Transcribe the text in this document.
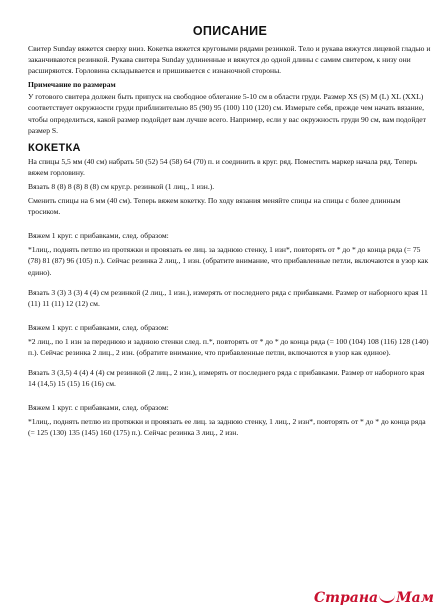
ОПИСАНИЕ

Свитер Sunday вяжется сверху вниз. Кокетка вяжется круговыми рядами резинкой. Тело и рукава вяжутся лицевой гладью и заканчиваются резинкой. Рукава свитера Sunday удлиненные и вяжутся до одной длины с самим свитером, к низу они расширяются. Горловина складывается и пришивается с изнаночной стороны.

Примечание по размерам

У готового свитера должен быть припуск на свободное облегание 5-10 см в области груди. Размер XS (S) M (L) XL (XXL) соответствует окружности груди приблизительно 85 (90) 95 (100) 110 (120) см. Измерьте себя, прежде чем начать вязание, чтобы определиться, какой размер подойдет вам лучше всего. Например, если у вас окружность груди 90 см, вам подойдет размер S.

КОКЕТКА

На спицы 5,5 мм (40 см) набрать 50 (52) 54 (58) 64 (70) п. и соединить в круг. ряд. Поместить маркер начала ряд. Теперь вяжем горловину.

Вязать 8 (8) 8 (8) 8 (8) см круг.р. резинкой (1 лиц., 1 изн.).

Сменить спицы на 6 мм (40 см). Теперь вяжем кокетку. По ходу вязания меняйте спицы на спицы с более длинным тросиком.

Вяжем 1 круг. с прибавками, след. образом:

*1лиц., поднять петлю из протяжки и провязать ее лиц. за заднюю стенку, 1 изн*, повторять от * до * до конца ряда (= 75 (78) 81 (87) 96 (105) п.). Сейчас резинка 2 лиц., 1 изн. (обратите внимание, что прибавленные петли, включаются в узор как едино).

Вязать 3 (3) 3 (3) 4 (4) см резинкой (2 лиц., 1 изн.), измерять от последнего ряда с прибавками. Размер от наборного края 11 (11) 11 (11) 12 (12) см.

Вяжем 1 круг. с прибавками, след. образом:

*2 лиц., по 1 изн за переднюю и заднюю стенки след. п.*, повторять от * до * до конца ряда (= 100 (104) 108 (116) 128 (140) п.). Сейчас резинка 2 лиц., 2 изн. (обратите внимание, что прибавленные петли, включаются в узор как единое).

Вязать 3 (3,5) 4 (4) 4 (4) см резинкой (2 лиц., 2 изн.), измерять от последнего ряда с прибавками. Размер от наборного края 14 (14,5) 15 (15) 16 (16) см.

Вяжем 1 круг. с прибавками, след. образом:

*1лиц., поднять петлю из протяжки и провязать ее лиц. за заднюю стенку, 1 лиц., 2 изн*, повторять от * до * до конца ряда (= 125 (130) 135 (145) 160 (175) п.). Сейчас резинка 3 лиц., 2 изн.

Страна Мам
